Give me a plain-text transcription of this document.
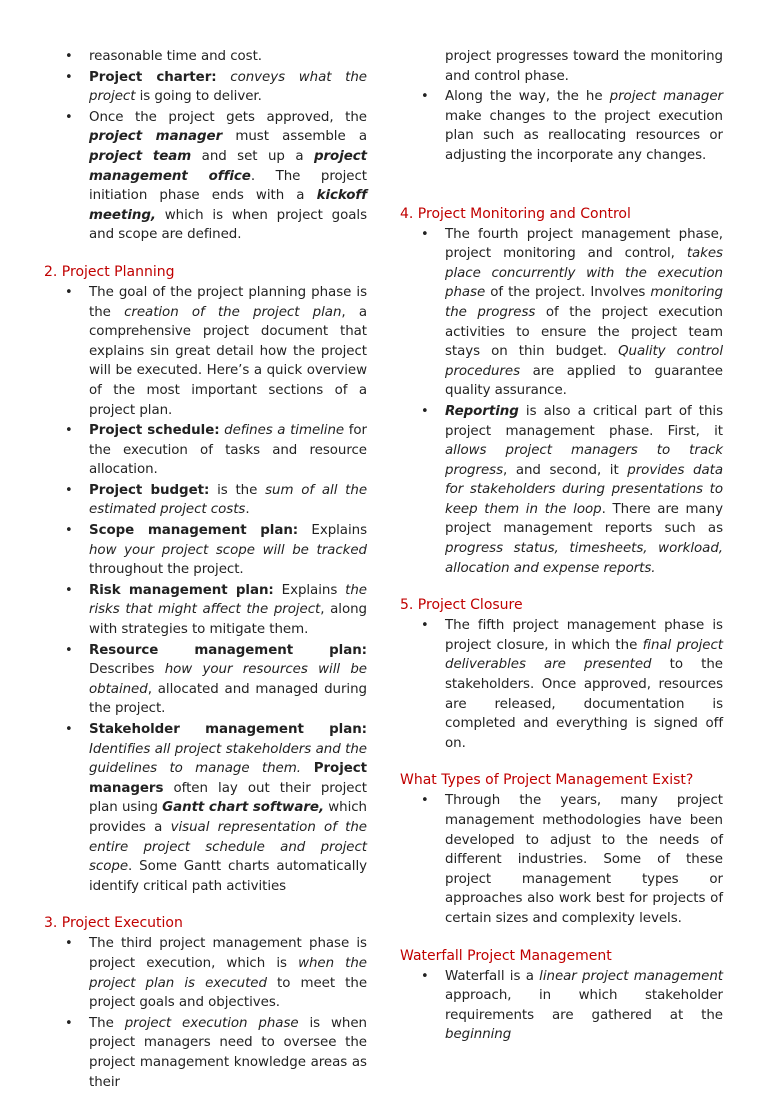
• reasonable time and cost.
• Project charter: conveys what the project is going to deliver.
• Once the project gets approved, the project manager must assemble a project team and set up a project management office. The project initiation phase ends with a kickoff meeting, which is when project goals and scope are defined.
2. Project Planning
• The goal of the project planning phase is the creation of the project plan, a comprehensive project document that explains sin great detail how the project will be executed. Here’s a quick overview of the most important sections of a project plan.
• Project schedule: defines a timeline for the execution of tasks and resource allocation.
• Project budget: is the sum of all the estimated project costs.
• Scope management plan: Explains how your project scope will be tracked throughout the project.
• Risk management plan: Explains the risks that might affect the project, along with strategies to mitigate them.
• Resource management plan: Describes how your resources will be obtained, allocated and managed during the project.
• Stakeholder management plan: Identifies all project stakeholders and the guidelines to manage them. Project managers often lay out their project plan using Gantt chart software, which provides a visual representation of the entire project schedule and project scope. Some Gantt charts automatically identify critical path activities
3. Project Execution
• The third project management phase is project execution, which is when the project plan is executed to meet the project goals and objectives.
• The project execution phase is when project managers need to oversee the project management knowledge areas as their
project progresses toward the monitoring and control phase.
• Along the way, the he project manager make changes to the project execution plan such as reallocating resources or adjusting the incorporate any changes.
4. Project Monitoring and Control
• The fourth project management phase, project monitoring and control, takes place concurrently with the execution phase of the project. Involves monitoring the progress of the project execution activities to ensure the project team stays on thin budget. Quality control procedures are applied to guarantee quality assurance.
• Reporting is also a critical part of this project management phase. First, it allows project managers to track progress, and second, it provides data for stakeholders during presentations to keep them in the loop. There are many project management reports such as progress status, timesheets, workload, allocation and expense reports.
5. Project Closure
• The fifth project management phase is project closure, in which the final project deliverables are presented to the stakeholders. Once approved, resources are released, documentation is completed and everything is signed off on.
What Types of Project Management Exist?
• Through the years, many project management methodologies have been developed to adjust to the needs of different industries. Some of these project management types or approaches also work best for projects of certain sizes and complexity levels.
Waterfall Project Management
• Waterfall is a linear project management approach, in which stakeholder requirements are gathered at the beginning
